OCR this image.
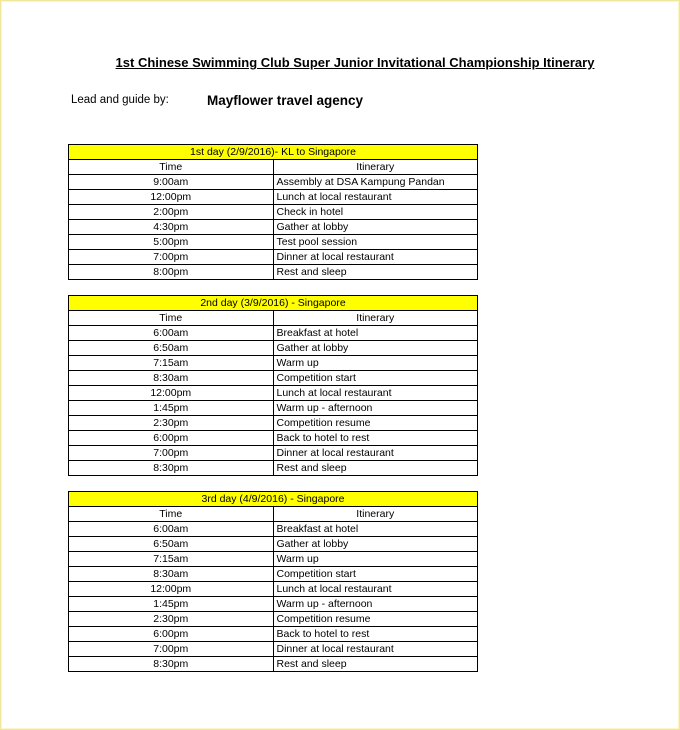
1st Chinese Swimming Club Super Junior Invitational Championship Itinerary
Lead and guide by:	Mayflower travel agency
1st day (2/9/2016)- KL to Singapore	
Time	Itinerary
9:00am	Assembly at DSA Kampung Pandan
12:00pm	Lunch at local restaurant
2:00pm	Check in hotel
4:30pm	Gather at lobby
5:00pm	Test pool session
7:00pm	Dinner at local restaurant
8:00pm	Rest and sleep
2nd day (3/9/2016) - Singapore	
Time	Itinerary
6:00am	Breakfast at hotel
6:50am	Gather at lobby
7:15am	Warm up
8:30am	Competition start
12:00pm	Lunch at local restaurant
1:45pm	Warm up - afternoon
2:30pm	Competition resume
6:00pm	Back to hotel to rest
7:00pm	Dinner at local restaurant
8:30pm	Rest and sleep
3rd day (4/9/2016) - Singapore	
Time	Itinerary
6:00am	Breakfast at hotel
6:50am	Gather at lobby
7:15am	Warm up
8:30am	Competition start
12:00pm	Lunch at local restaurant
1:45pm	Warm up - afternoon
2:30pm	Competition resume
6:00pm	Back to hotel to rest
7:00pm	Dinner at local restaurant
8:30pm	Rest and sleep
